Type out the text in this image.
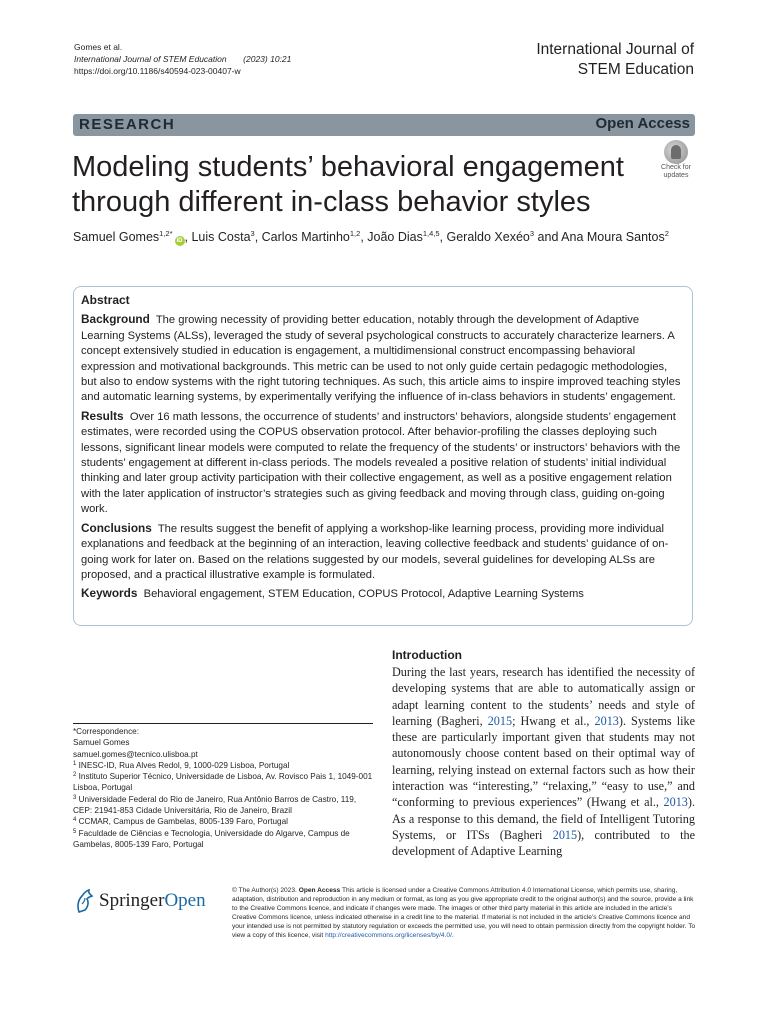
Gomes et al.
International Journal of STEM Education (2023) 10:21
https://doi.org/10.1186/s40594-023-00407-w
International Journal of
STEM Education
RESEARCH	Open Access
Modeling students’ behavioral engagement through different in-class behavior styles
Check for
updates
Samuel Gomes$^{1,2*}$iD , Luis Costa$^3$, Carlos Martinho$^{1,2}$, João Dias$^{1,4,5}$, Geraldo Xexéo$^3$ and Ana Moura Santos$^2$
Abstract

Background The growing necessity of providing better education, notably through the development of Adaptive Learning Systems (ALSs), leveraged the study of several psychological constructs to accurately characterize learners. A concept extensively studied in education is engagement, a multidimensional construct encompassing behavioral expression and motivational backgrounds. This metric can be used to not only guide certain pedagogic methodologies, but also to endow systems with the right tutoring techniques. As such, this article aims to inspire improved teaching styles and automatic learning systems, by experimentally verifying the influence of in-class behaviors in students’ engagement.

Results Over 16 math lessons, the occurrence of students’ and instructors’ behaviors, alongside students’ engagement estimates, were recorded using the COPUS observation protocol. After behavior-profiling the classes deploying such lessons, significant linear models were computed to relate the frequency of the students’ or instructors’ behaviors with the students’ engagement at different in-class periods. The models revealed a positive relation of students’ initial individual thinking and later group activity participation with their collective engagement, as well as a positive engagement relation with the later application of instructor’s strategies such as giving feedback and moving through class, guiding on-going work.

Conclusions The results suggest the benefit of applying a workshop-like learning process, providing more individual explanations and feedback at the beginning of an interaction, leaving collective feedback and students’ guidance of on-going work for later on. Based on the relations suggested by our models, several guidelines for developing ALSs are proposed, and a practical illustrative example is formulated.

Keywords Behavioral engagement, STEM Education, COPUS Protocol, Adaptive Learning Systems

Introduction
During the last years, research has identified the necessity of developing systems that are able to automatically assign or adapt learning content to the students’ needs and style of learning (Bagheri, 2015; Hwang et al., 2013). Systems like these are particularly important given that students may not autonomously choose content based on their optimal way of learning, relying instead on external factors such as how their interaction was “interesting,” “relaxing,” “easy to use,” and “conforming to previous experiences” (Hwang et al., 2013). As a response to this demand, the field of Intelligent Tutoring Systems, or ITSs (Bagheri 2015), contributed to the development of Adaptive Learning
*Correspondence:
Samuel Gomes
samuel.gomes@tecnico.ulisboa.pt
$^1$ INESC-ID, Rua Alves Redol, 9, 1000-029 Lisboa, Portugal
$^2$ Instituto Superior Técnico, Universidade de Lisboa, Av. Rovisco Pais 1, 1049-001 Lisboa, Portugal
$^3$ Universidade Federal do Rio de Janeiro, Rua Antônio Barros de Castro, 119, CEP: 21941-853 Cidade Universitária, Rio de Janeiro, Brazil
$^4$ CCMAR, Campus de Gambelas, 8005-139 Faro, Portugal
$^5$ Faculdade de Ciências e Tecnologia, Universidade do Algarve, Campus de Gambelas, 8005-139 Faro, Portugal
SpringerOpen	© The Author(s) 2023. Open Access This article is licensed under a Creative Commons Attribution 4.0 International License, which permits use, sharing, adaptation, distribution and reproduction in any medium or format, as long as you give appropriate credit to the original author(s) and the source, provide a link to the Creative Commons licence, and indicate if changes were made. The images or other third party material in this article are included in the article’s Creative Commons licence, unless indicated otherwise in a credit line to the material. If material is not included in the article’s Creative Commons licence and your intended use is not permitted by statutory regulation or exceeds the permitted use, you will need to obtain permission directly from the copyright holder. To view a copy of this licence, visit http://creativecommons.org/licenses/by/4.0/.
